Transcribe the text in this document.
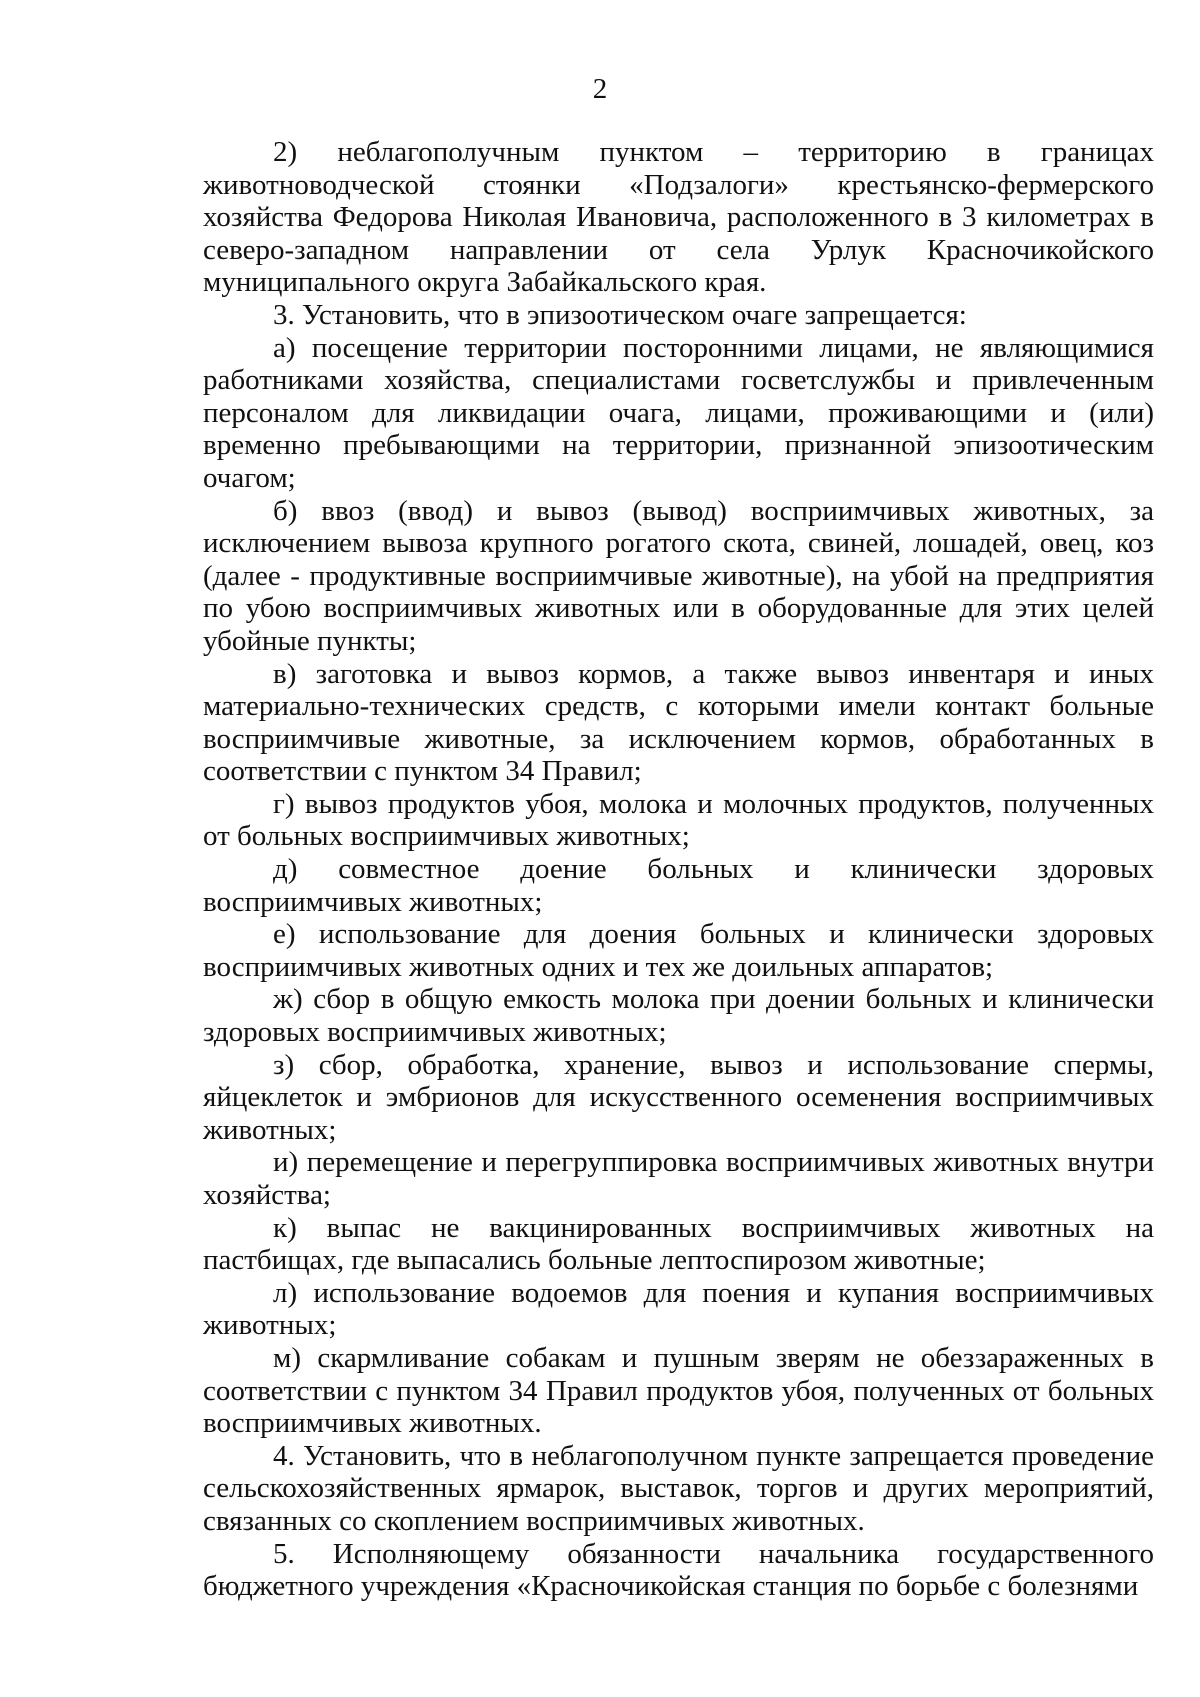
2

2) неблагополучным пунктом – территорию в границах животноводческой стоянки «Подзалоги» крестьянско-фермерского хозяйства Федорова Николая Ивановича, расположенного в 3 километрах в северо-западном направлении от села Урлук Красночикойского муниципального округа Забайкальского края.

3. Установить, что в эпизоотическом очаге запрещается:

а) посещение территории посторонними лицами, не являющимися работниками хозяйства, специалистами госветслужбы и привлеченным персоналом для ликвидации очага, лицами, проживающими и (или) временно пребывающими на территории, признанной эпизоотическим очагом;

б) ввоз (ввод) и вывоз (вывод) восприимчивых животных, за исключением вывоза крупного рогатого скота, свиней, лошадей, овец, коз (далее - продуктивные восприимчивые животные), на убой на предприятия по убою восприимчивых животных или в оборудованные для этих целей убойные пункты;

в) заготовка и вывоз кормов, а также вывоз инвентаря и иных материально-технических средств, с которыми имели контакт больные восприимчивые животные, за исключением кормов, обработанных в соответствии с пунктом 34 Правил;

г) вывоз продуктов убоя, молока и молочных продуктов, полученных от больных восприимчивых животных;

д) совместное доение больных и клинически здоровых восприимчивых животных;

е) использование для доения больных и клинически здоровых восприимчивых животных одних и тех же доильных аппаратов;

ж) сбор в общую емкость молока при доении больных и клинически здоровых восприимчивых животных;

з) сбор, обработка, хранение, вывоз и использование спермы, яйцеклеток и эмбрионов для искусственного осеменения восприимчивых животных;

и) перемещение и перегруппировка восприимчивых животных внутри хозяйства;

к) выпас не вакцинированных восприимчивых животных на пастбищах, где выпасались больные лептоспирозом животные;

л) использование водоемов для поения и купания восприимчивых животных;

м) скармливание собакам и пушным зверям не обеззараженных в соответствии с пунктом 34 Правил продуктов убоя, полученных от больных восприимчивых животных.

4. Установить, что в неблагополучном пункте запрещается проведение сельскохозяйственных ярмарок, выставок, торгов и других мероприятий, связанных со скоплением восприимчивых животных.

5. Исполняющему обязанности начальника государственного бюджетного учреждения «Красночикойская станция по борьбе с болезнями
